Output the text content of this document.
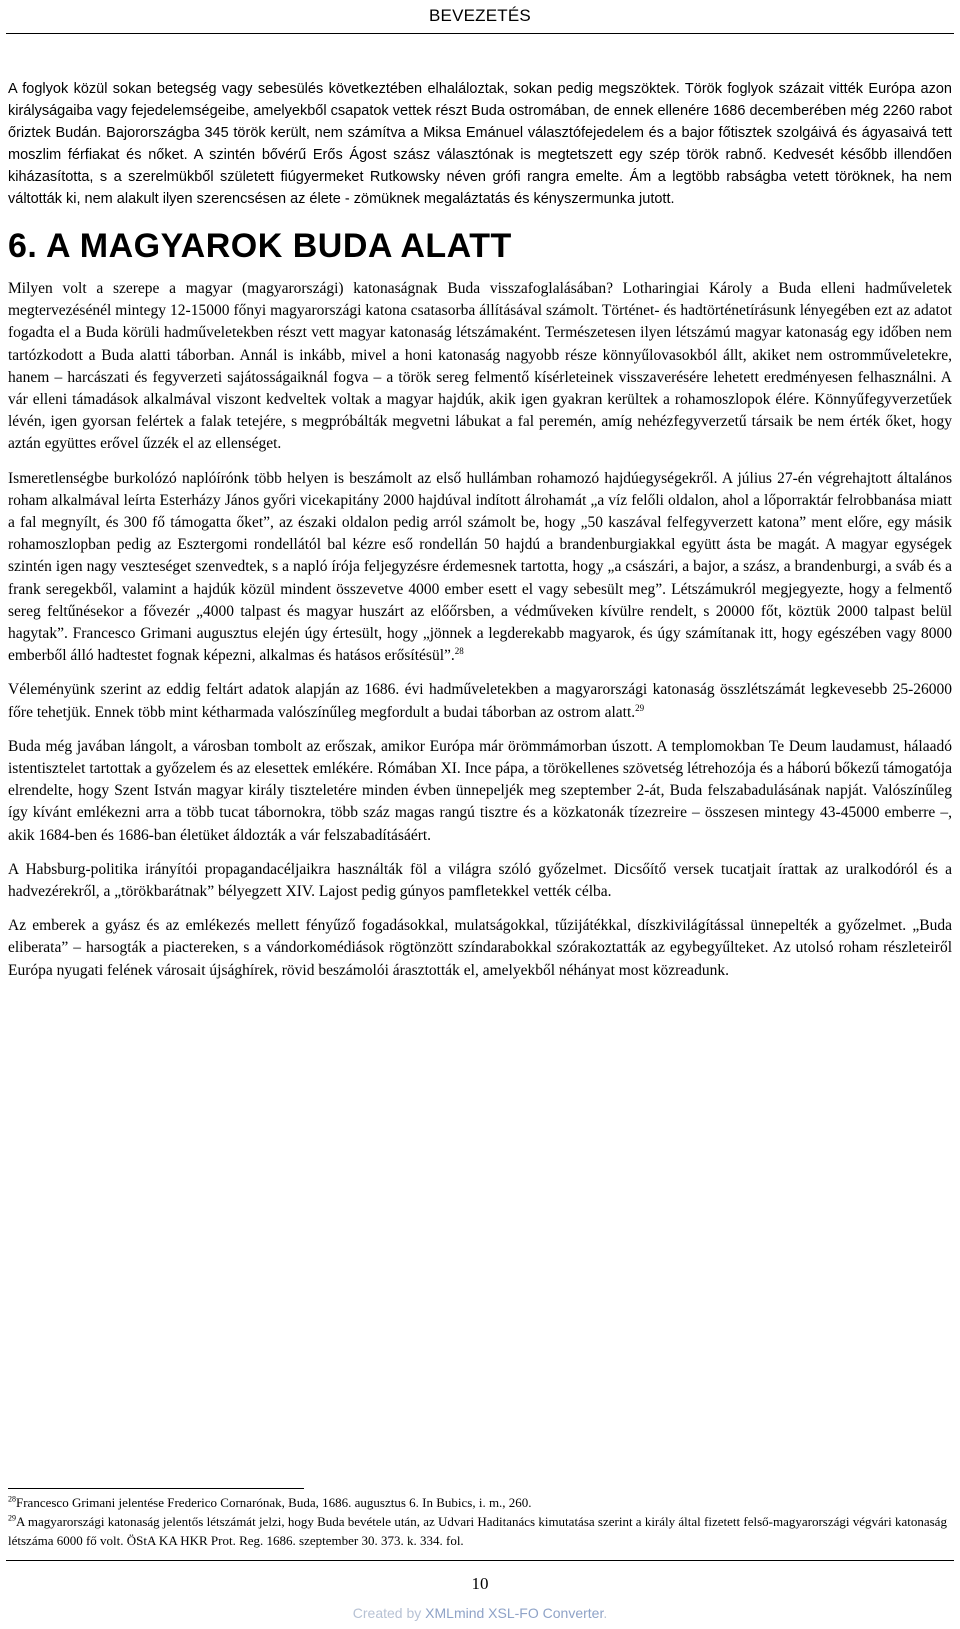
BEVEZETÉS

A foglyok közül sokan betegség vagy sebesülés következtében elhaláloztak, sokan pedig megszöktek. Török foglyok százait vitték Európa azon királyságaiba vagy fejedelemségeibe, amelyekből csapatok vettek részt Buda ostromában, de ennek ellenére 1686 decemberében még 2260 rabot őriztek Budán. Bajorországba 345 török került, nem számítva a Miksa Emánuel választófejedelem és a bajor főtisztek szolgáivá és ágyasaivá tett moszlim férfiakat és nőket. A szintén bővérű Erős Ágost szász választónak is megtetszett egy szép török rabnő. Kedvesét később illendően kiházasította, s a szerelmükből született fiúgyermeket Rutkowsky néven grófi rangra emelte. Ám a legtöbb rabságba vetett töröknek, ha nem váltották ki, nem alakult ilyen szerencsésen az élete - zömüknek megaláztatás és kényszermunka jutott.

6. A MAGYAROK BUDA ALATT

Milyen volt a szerepe a magyar (magyarországi) katonaságnak Buda visszafoglalásában? Lotharingiai Károly a Buda elleni hadműveletek megtervezésénél mintegy 12-15000 főnyi magyarországi katona csatasorba állításával számolt. Történet- és hadtörténetírásunk lényegében ezt az adatot fogadta el a Buda körüli hadműveletekben részt vett magyar katonaság létszámaként. Természetesen ilyen létszámú magyar katonaság egy időben nem tartózkodott a Buda alatti táborban. Annál is inkább, mivel a honi katonaság nagyobb része könnyűlovasokból állt, akiket nem ostromműveletekre, hanem – harcászati és fegyverzeti sajátosságaiknál fogva – a török sereg felmentő kísérleteinek visszaverésére lehetett eredményesen felhasználni. A vár elleni támadások alkalmával viszont kedveltek voltak a magyar hajdúk, akik igen gyakran kerültek a rohamoszlopok élére. Könnyűfegyverzetűek lévén, igen gyorsan felértek a falak tetejére, s megpróbálták megvetni lábukat a fal peremén, amíg nehézfegyverzetű társaik be nem érték őket, hogy aztán együttes erővel űzzék el az ellenséget.

Ismeretlenségbe burkolózó naplóírónk több helyen is beszámolt az első hullámban rohamozó hajdúegységekről. A július 27-én végrehajtott általános roham alkalmával leírta Esterházy János győri vicekapitány 2000 hajdúval indított álrohamát „a víz felőli oldalon, ahol a lőporraktár felrobbanása miatt a fal megnyílt, és 300 fő támogatta őket”, az északi oldalon pedig arról számolt be, hogy „50 kaszával felfegyverzett katona” ment előre, egy másik rohamoszlopban pedig az Esztergomi rondellától bal kézre eső rondellán 50 hajdú a brandenburgiakkal együtt ásta be magát. A magyar egységek szintén igen nagy veszteséget szenvedtek, s a napló írója feljegyzésre érdemesnek tartotta, hogy „a császári, a bajor, a szász, a brandenburgi, a sváb és a frank seregekből, valamint a hajdúk közül mindent összevetve 4000 ember esett el vagy sebesült meg”. Létszámukról megjegyezte, hogy a felmentő sereg feltűnésekor a fővezér „4000 talpast és magyar huszárt az előőrsben, a védműveken kívülre rendelt, s 20000 főt, köztük 2000 talpast belül hagytak”. Francesco Grimani augusztus elején úgy értesült, hogy „jönnek a legderekabb magyarok, és úgy számítanak itt, hogy egészében vagy 8000 emberből álló hadtestet fognak képezni, alkalmas és hatásos erősítésül”.$^{28}$

Véleményünk szerint az eddig feltárt adatok alapján az 1686. évi hadműveletekben a magyarországi katonaság összlétszámát legkevesebb 25-26000 főre tehetjük. Ennek több mint kétharmada valószínűleg megfordult a budai táborban az ostrom alatt.$^{29}$

Buda még javában lángolt, a városban tombolt az erőszak, amikor Európa már örömmámorban úszott. A templomokban Te Deum laudamust, hálaadó istentisztelet tartottak a győzelem és az elesettek emlékére. Rómában XI. Ince pápa, a törökellenes szövetség létrehozója és a háború bőkezű támogatója elrendelte, hogy Szent István magyar király tiszteletére minden évben ünnepeljék meg szeptember 2-át, Buda felszabadulásának napját. Valószínűleg így kívánt emlékezni arra a több tucat tábornokra, több száz magas rangú tisztre és a közkatonák tízezreire – összesen mintegy 43-45000 emberre –, akik 1684-ben és 1686-ban életüket áldozták a vár felszabadításáért.

A Habsburg-politika irányítói propagandacéljaikra használták föl a világra szóló győzelmet. Dicsőítő versek tucatjait írattak az uralkodóról és a hadvezérekről, a „törökbarátnak” bélyegzett XIV. Lajost pedig gúnyos pamfletekkel vették célba.

Az emberek a gyász és az emlékezés mellett fényűző fogadásokkal, mulatságokkal, tűzijátékkal, díszkivilágítással ünnepelték a győzelmet. „Buda eliberata” – harsogták a piactereken, s a vándorkomédiások rögtönzött színdarabokkal szórakoztatták az egybegyűlteket. Az utolsó roham részleteiről Európa nyugati felének városait újsághírek, rövid beszámolói árasztották el, amelyekből néhányat most közreadunk.

$^{28}$Francesco Grimani jelentése Frederico Cornarónak, Buda, 1686. augusztus 6. In Bubics, i. m., 260.

$^{29}$A magyarországi katonaság jelentős létszámát jelzi, hogy Buda bevétele után, az Udvari Haditanács kimutatása szerint a király által fizetett felső-magyarországi végvári katonaság létszáma 6000 fő volt. ÖStA KA HKR Prot. Reg. 1686. szeptember 30. 373. k. 334. fol.

10
Created by XMLmind XSL-FO Converter.
